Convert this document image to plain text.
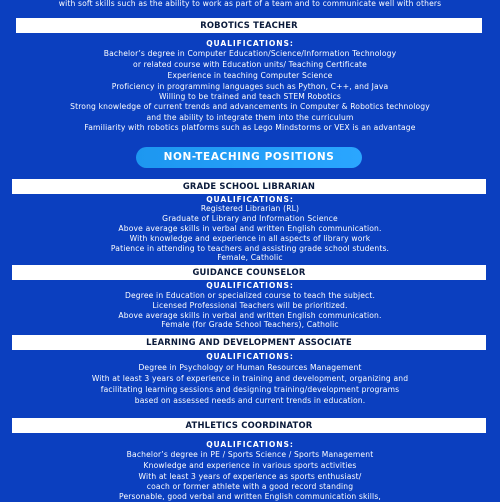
with soft skills such as the ability to work as part of a team and to communicate well with others
ROBOTICS TEACHER
QUALIFICATIONS:
Bachelor’s degree in Computer Education/Science/Information Technology
or related course with Education units/ Teaching Certificate
Experience in teaching Computer Science
Proficiency in programming languages such as Python, C++, and Java
Willing to be trained and teach STEM Robotics
Strong knowledge of current trends and advancements in Computer & Robotics technology
and the ability to integrate them into the curriculum
Familiarity with robotics platforms such as Lego Mindstorms or VEX is an advantage
NON-TEACHING POSITIONS
GRADE SCHOOL LIBRARIAN
QUALIFICATIONS:
Registered Librarian (RL)
Graduate of Library and Information Science
Above average skills in verbal and written English communication.
With knowledge and experience in all aspects of library work
Patience in attending to teachers and assisting grade school students.
Female, Catholic
GUIDANCE COUNSELOR
QUALIFICATIONS:
Degree in Education or specialized course to teach the subject.
Licensed Professional Teachers will be prioritized.
Above average skills in verbal and written English communication.
Female (for Grade School Teachers), Catholic
LEARNING AND DEVELOPMENT ASSOCIATE
QUALIFICATIONS:
Degree in Psychology or Human Resources Management
With at least 3 years of experience in training and development, organizing and
facilitating learning sessions and designing training/development programs
based on assessed needs and current trends in education.
ATHLETICS COORDINATOR
QUALIFICATIONS:
Bachelor’s degree in PE / Sports Science / Sports Management
Knowledge and experience in various sports activities
With at least 3 years of experience as sports enthusiast/
coach or former athlete with a good record standing
Personable, good verbal and written English communication skills,
